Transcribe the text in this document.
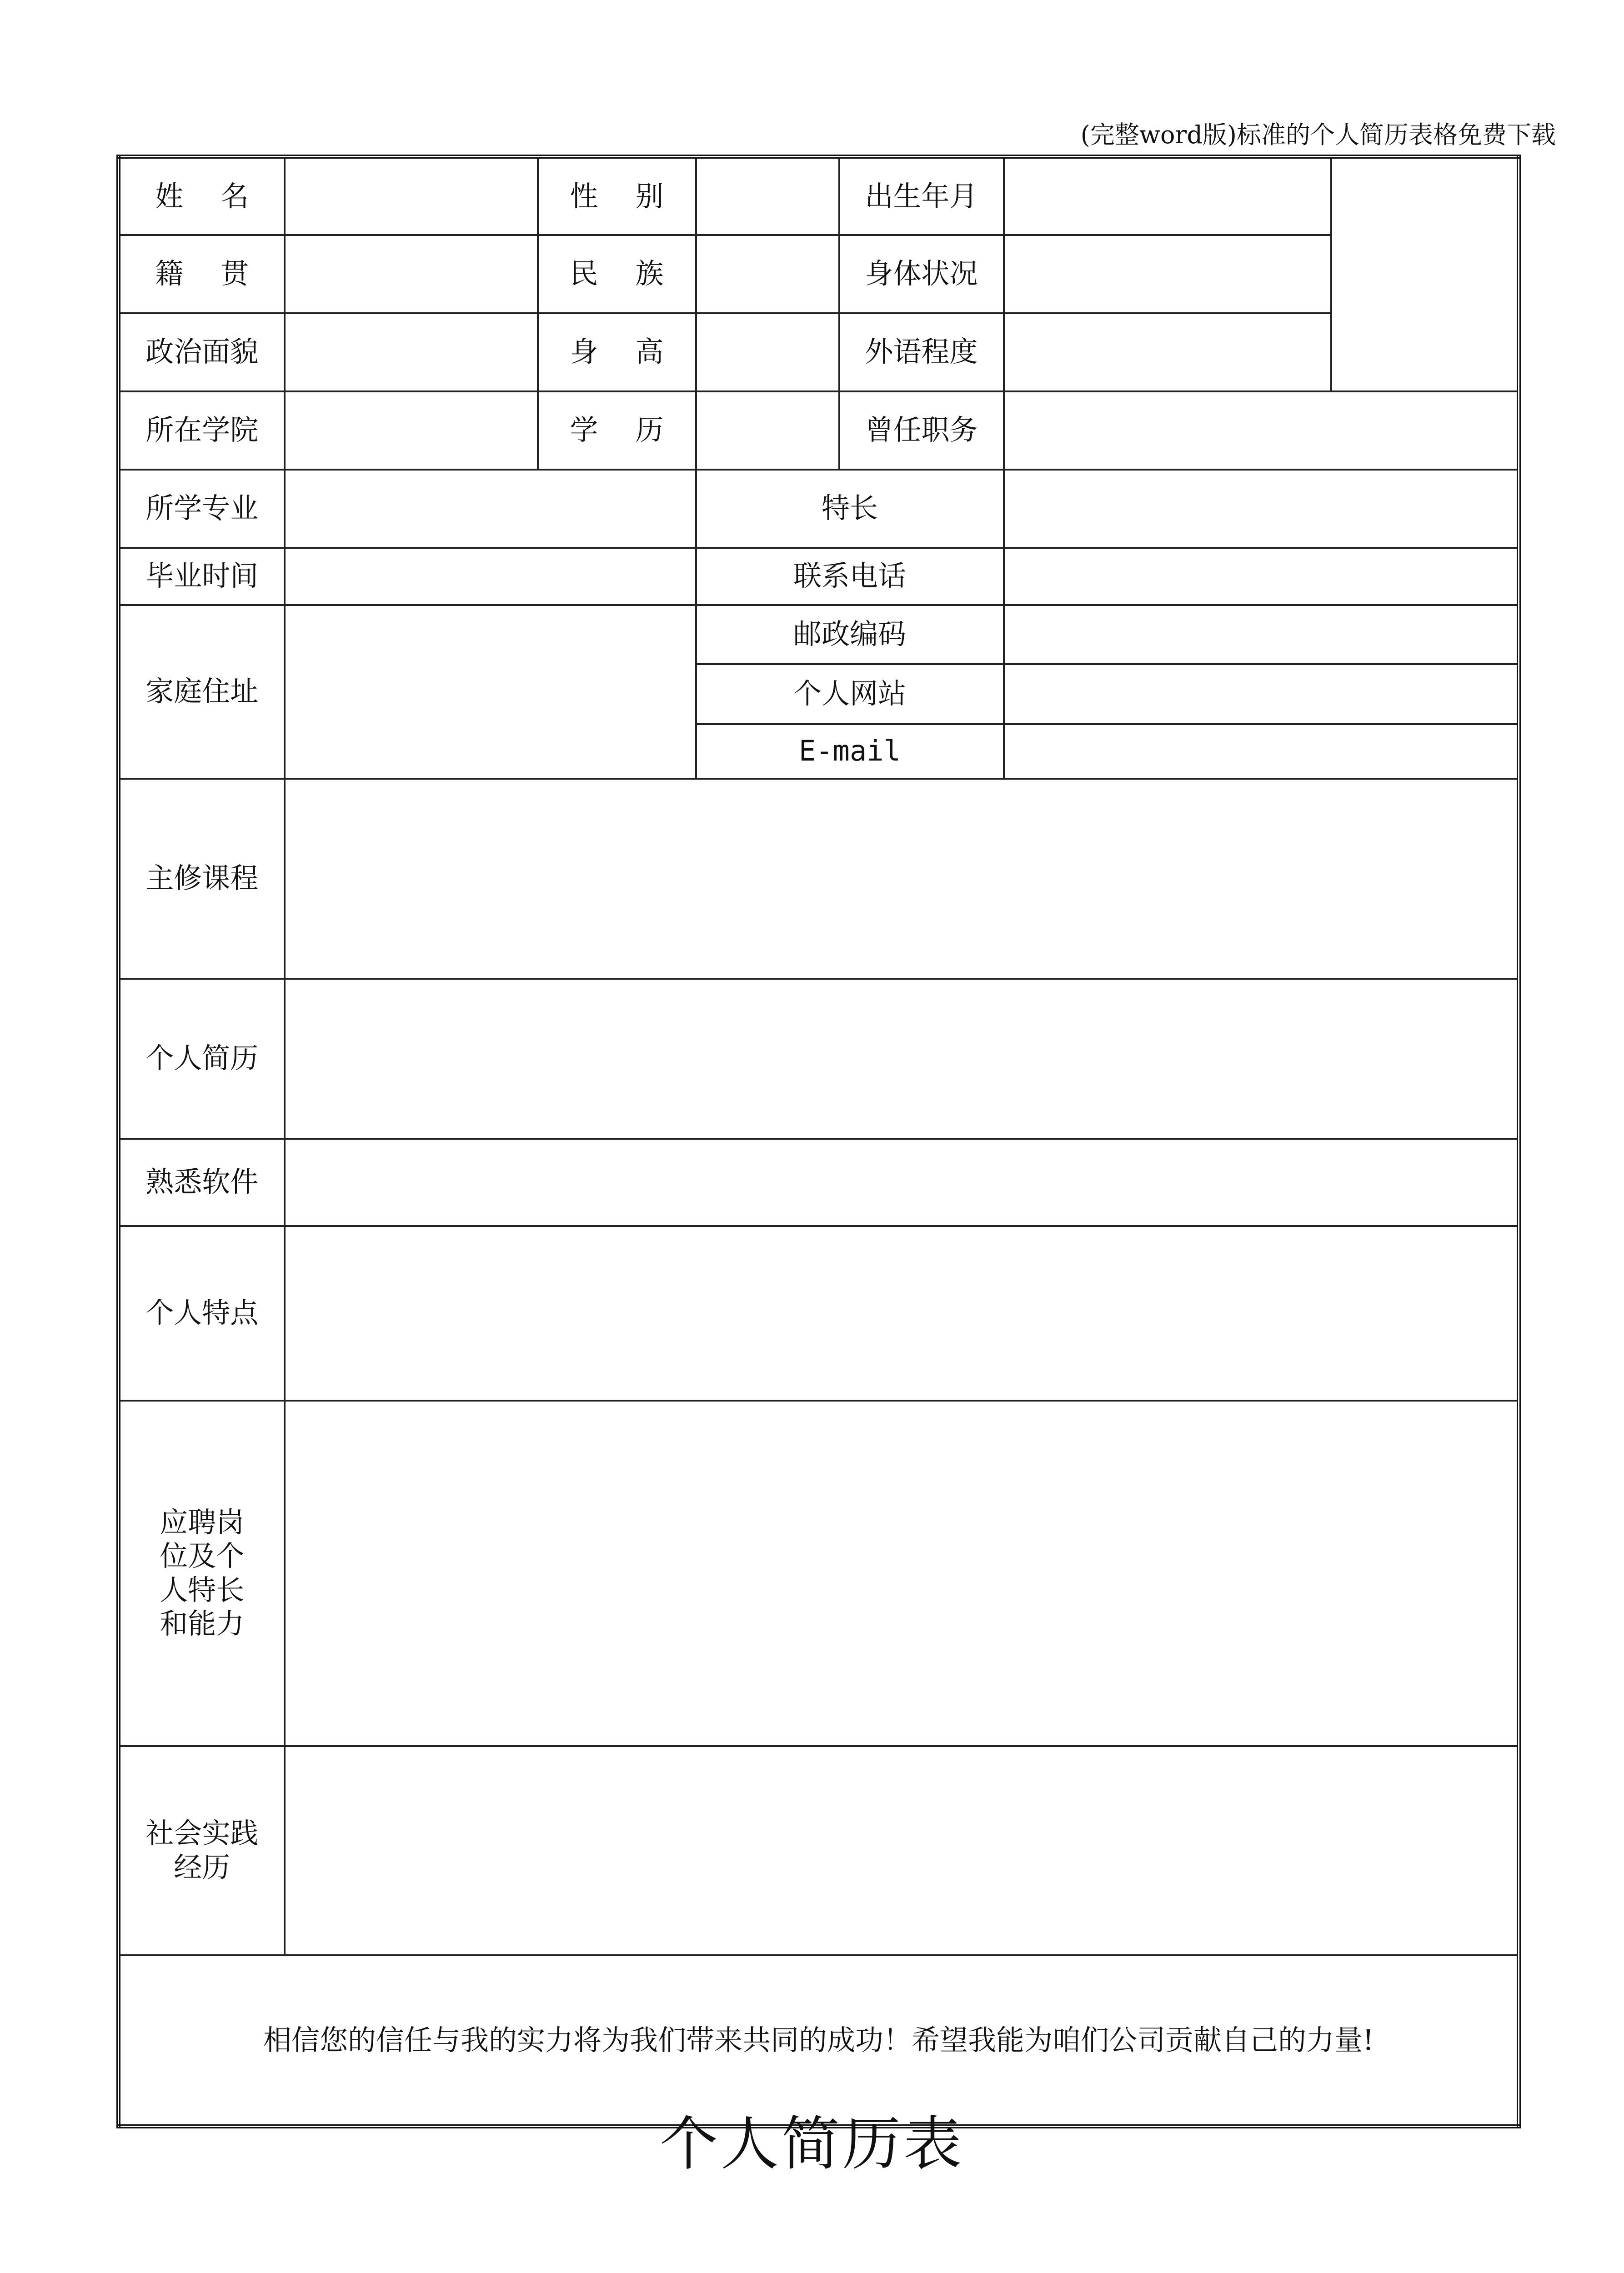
(完整word版)标准的个人简历表格免费下载
姓名		性别		出生年月		
籍贯		民族		身体状况		
政治面貌		身高		外语程度		
所在学院		学历		曾任职务		
所学专业			特长			
毕业时间			联系电话			
家庭住址			邮政编码			
			个人网站			
			E-mail			
主修课程						
个人简历						
熟悉软件						
个人特点						

应聘岗
位及个
人特长
和能力						

社会实践
经历						

相信您的信任与我的实力将为我们带来共同的成功！希望我能为咱们公司贡献自己的力量!						
个人简历表
